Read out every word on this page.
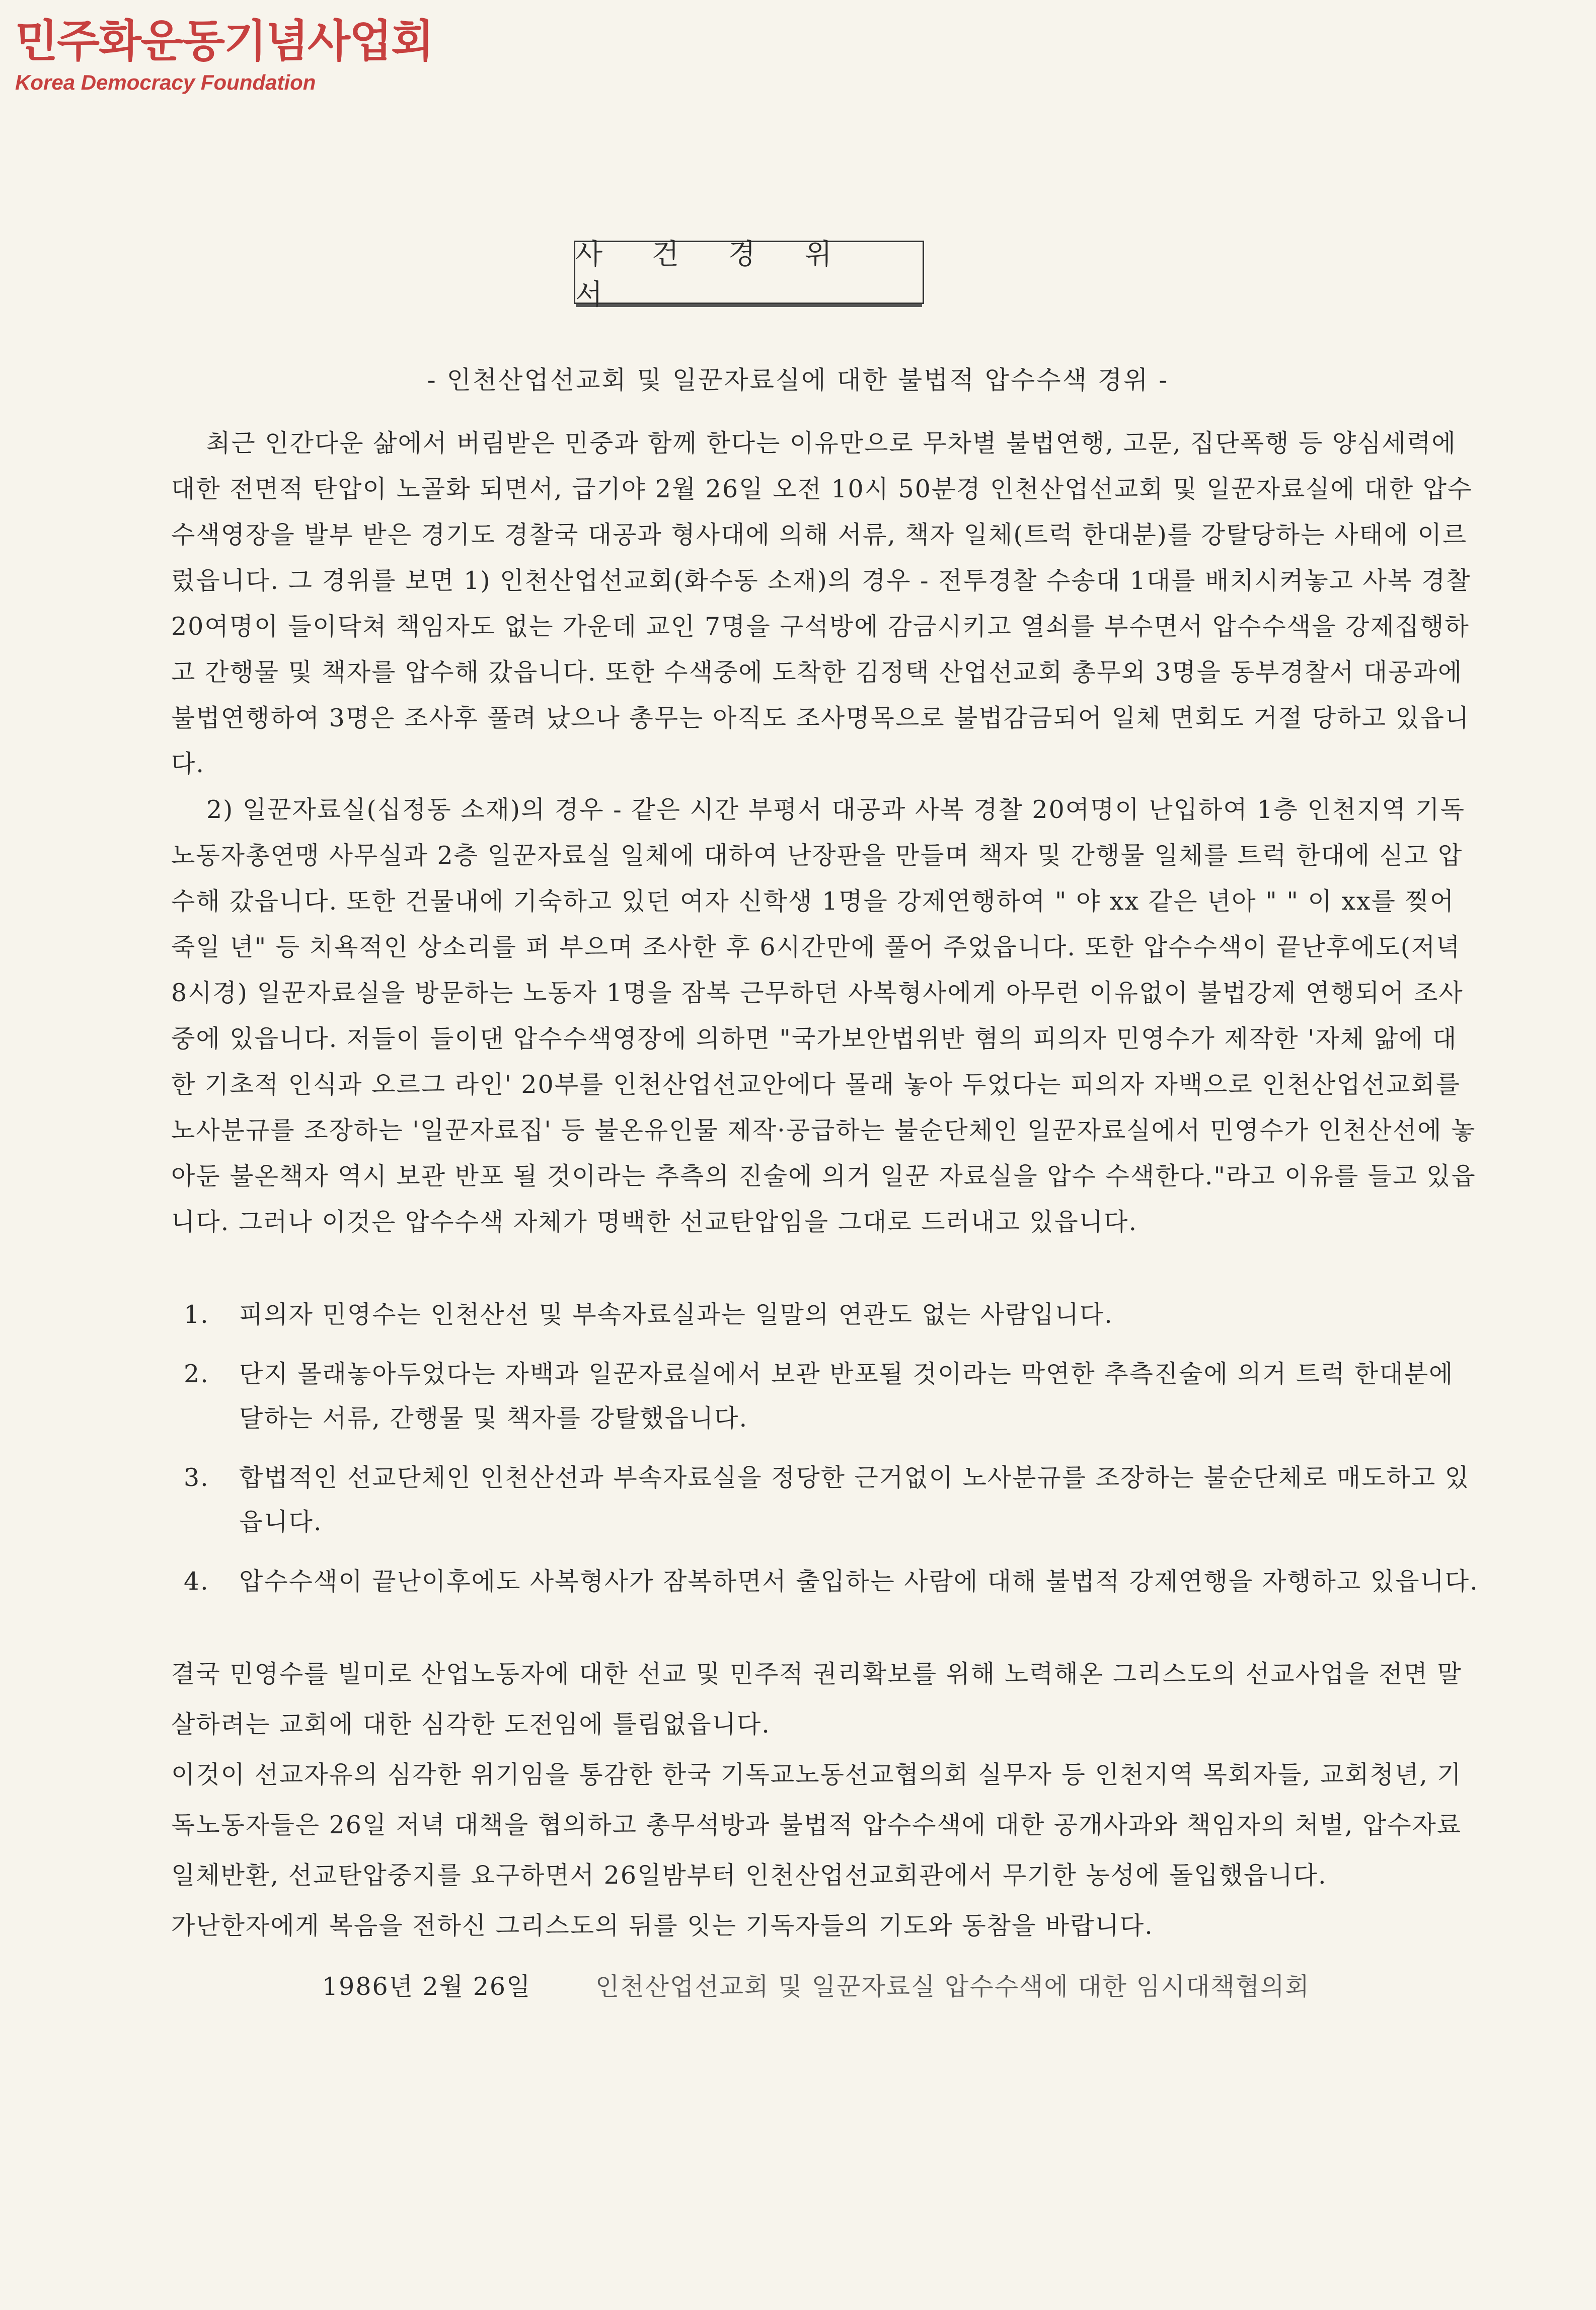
민주화운동기념사업회
Korea Democracy Foundation
사 건 경 위 서
- 인천산업선교회 및 일꾼자료실에 대한 불법적 압수수색 경위 -

최근 인간다운 삶에서 버림받은 민중과 함께 한다는 이유만으로 무차별 불법연행, 고문, 집단폭행 등 양심세력에 대한 전면적 탄압이 노골화 되면서, 급기야 2월 26일 오전 10시 50분경 인천산업선교회 및 일꾼자료실에 대한 압수수색영장을 발부 받은 경기도 경찰국 대공과 형사대에 의해 서류, 책자 일체(트럭 한대분)를 강탈당하는 사태에 이르렀읍니다. 그 경위를 보면 1) 인천산업선교회(화수동 소재)의 경우 - 전투경찰 수송대 1대를 배치시켜놓고 사복 경찰 20여명이 들이닥쳐 책임자도 없는 가운데 교인 7명을 구석방에 감금시키고 열쇠를 부수면서 압수수색을 강제집행하고 간행물 및 책자를 압수해 갔읍니다. 또한 수색중에 도착한 김정택 산업선교회 총무외 3명을 동부경찰서 대공과에 불법연행하여 3명은 조사후 풀려 났으나 총무는 아직도 조사명목으로 불법감금되어 일체 면회도 거절 당하고 있읍니다.

2) 일꾼자료실(십정동 소재)의 경우 - 같은 시간 부평서 대공과 사복 경찰 20여명이 난입하여 1층 인천지역 기독노동자총연맹 사무실과 2층 일꾼자료실 일체에 대하여 난장판을 만들며 책자 및 간행물 일체를 트럭 한대에 싣고 압수해 갔읍니다. 또한 건물내에 기숙하고 있던 여자 신학생 1명을 강제연행하여 " 야 xx 같은 년아 " " 이 xx를 찢어 죽일 년" 등 치욕적인 상소리를 퍼 부으며 조사한 후 6시간만에 풀어 주었읍니다. 또한 압수수색이 끝난후에도(저녁 8시경) 일꾼자료실을 방문하는 노동자 1명을 잠복 근무하던 사복형사에게 아무런 이유없이 불법강제 연행되어 조사중에 있읍니다. 저들이 들이댄 압수수색영장에 의하면 "국가보안법위반 혐의 피의자 민영수가 제작한 '자체 앎에 대한 기초적 인식과 오르그 라인' 20부를 인천산업선교안에다 몰래 놓아 두었다는 피의자 자백으로 인천산업선교회를 노사분규를 조장하는 '일꾼자료집' 등 불온유인물 제작·공급하는 불순단체인 일꾼자료실에서 민영수가 인천산선에 놓아둔 불온책자 역시 보관 반포 될 것이라는 추측의 진술에 의거 일꾼 자료실을 압수 수색한다."라고 이유를 들고 있읍니다. 그러나 이것은 압수수색 자체가 명백한 선교탄압임을 그대로 드러내고 있읍니다.

1.	피의자 민영수는 인천산선 및 부속자료실과는 일말의 연관도 없는 사람입니다.
2.	단지 몰래놓아두었다는 자백과 일꾼자료실에서 보관 반포될 것이라는 막연한 추측진술에 의거 트럭 한대분에 달하는 서류, 간행물 및 책자를 강탈했읍니다.
3.	합법적인 선교단체인 인천산선과 부속자료실을 정당한 근거없이 노사분규를 조장하는 불순단체로 매도하고 있읍니다.
4.	압수수색이 끝난이후에도 사복형사가 잠복하면서 출입하는 사람에 대해 불법적 강제연행을 자행하고 있읍니다.

결국 민영수를 빌미로 산업노동자에 대한 선교 및 민주적 권리확보를 위해 노력해온 그리스도의 선교사업을 전면 말살하려는 교회에 대한 심각한 도전임에 틀림없읍니다.

이것이 선교자유의 심각한 위기임을 통감한 한국 기독교노동선교협의회 실무자 등 인천지역 목회자들, 교회청년, 기독노동자들은 26일 저녁 대책을 협의하고 총무석방과 불법적 압수수색에 대한 공개사과와 책임자의 처벌, 압수자료 일체반환, 선교탄압중지를 요구하면서 26일밤부터 인천산업선교회관에서 무기한 농성에 돌입했읍니다.

가난한자에게 복음을 전하신 그리스도의 뒤를 잇는 기독자들의 기도와 동참을 바랍니다.

1986년 2월 26일	인천산업선교회 및 일꾼자료실 압수수색에 대한 임시대책협의회
